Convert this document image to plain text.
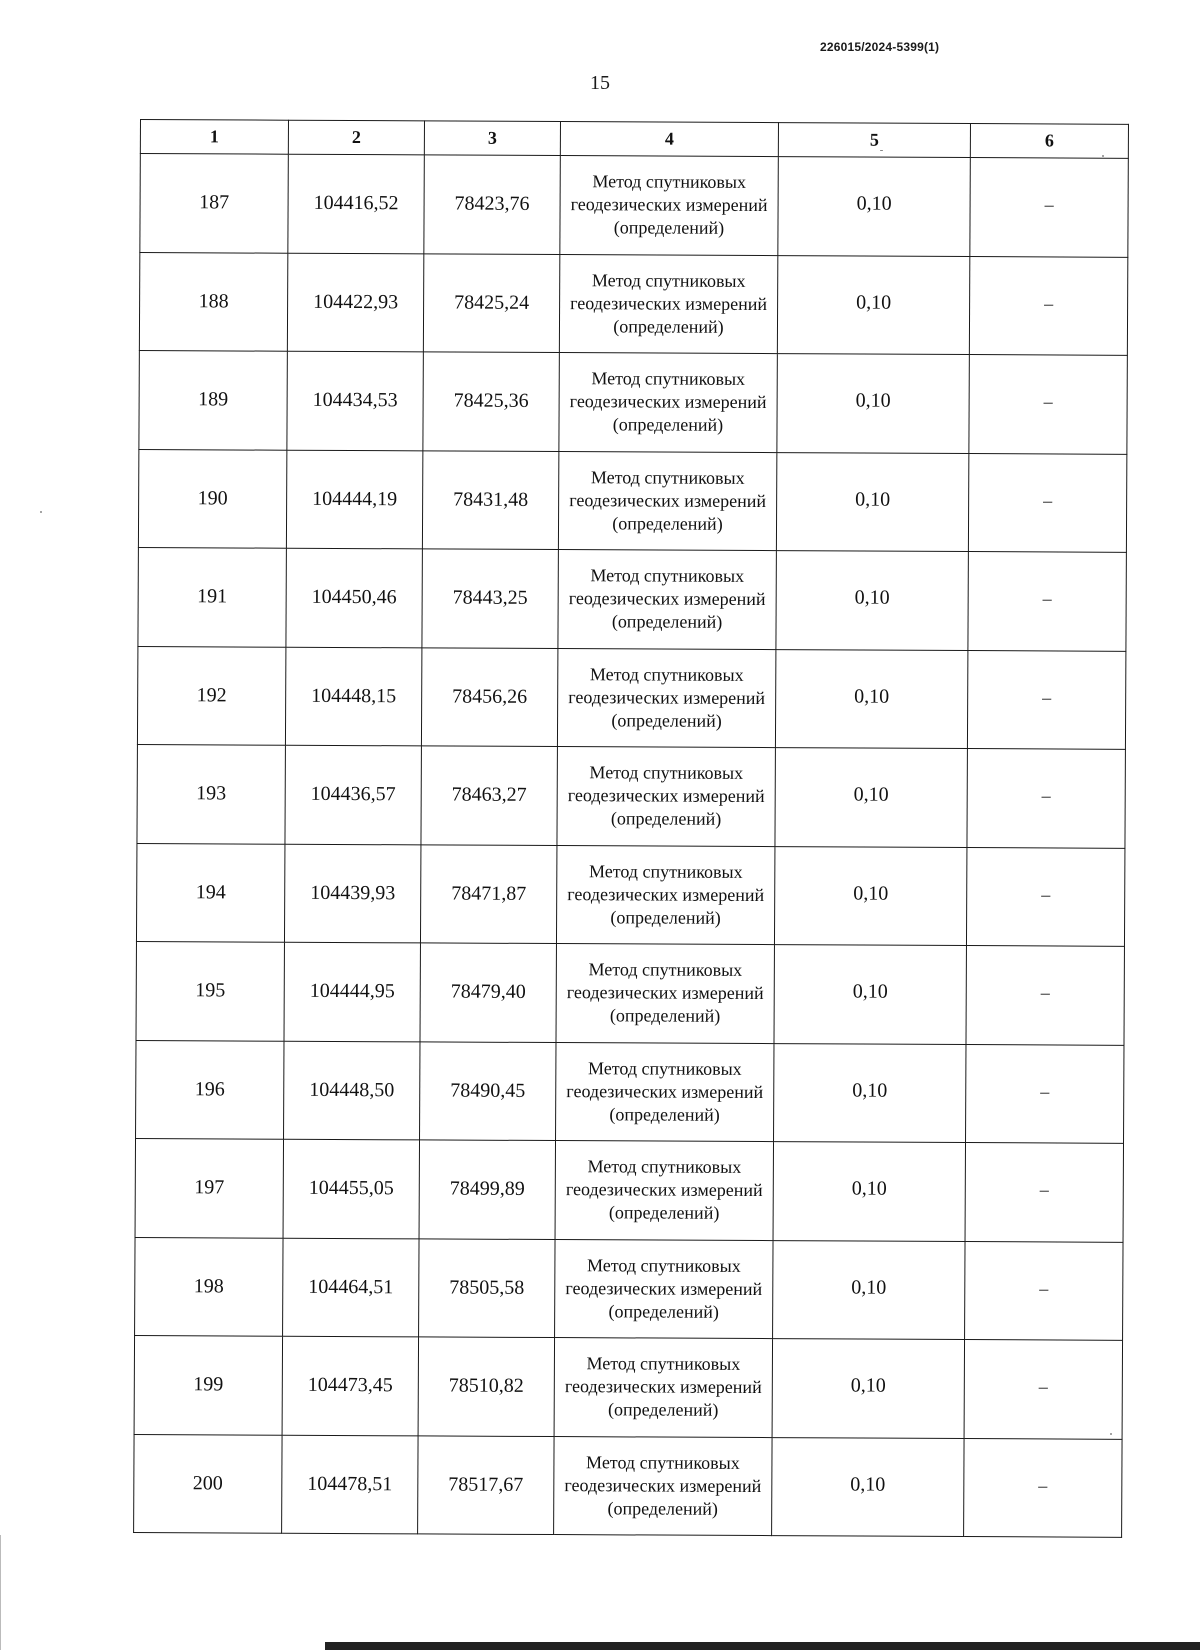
226015/2024-5399(1)
15
1	2	3	4	5	6
187	104416,52	78423,76	Метод спутниковых геодезических измерений (определений)	0,10	–
188	104422,93	78425,24	Метод спутниковых геодезических измерений (определений)	0,10	–
189	104434,53	78425,36	Метод спутниковых геодезических измерений (определений)	0,10	–
190	104444,19	78431,48	Метод спутниковых геодезических измерений (определений)	0,10	–
191	104450,46	78443,25	Метод спутниковых геодезических измерений (определений)	0,10	–
192	104448,15	78456,26	Метод спутниковых геодезических измерений (определений)	0,10	–
193	104436,57	78463,27	Метод спутниковых геодезических измерений (определений)	0,10	–
194	104439,93	78471,87	Метод спутниковых геодезических измерений (определений)	0,10	–
195	104444,95	78479,40	Метод спутниковых геодезических измерений (определений)	0,10	–
196	104448,50	78490,45	Метод спутниковых геодезических измерений (определений)	0,10	–
197	104455,05	78499,89	Метод спутниковых геодезических измерений (определений)	0,10	–
198	104464,51	78505,58	Метод спутниковых геодезических измерений (определений)	0,10	–
199	104473,45	78510,82	Метод спутниковых геодезических измерений (определений)	0,10	–
200	104478,51	78517,67	Метод спутниковых геодезических измерений (определений)	0,10	–
